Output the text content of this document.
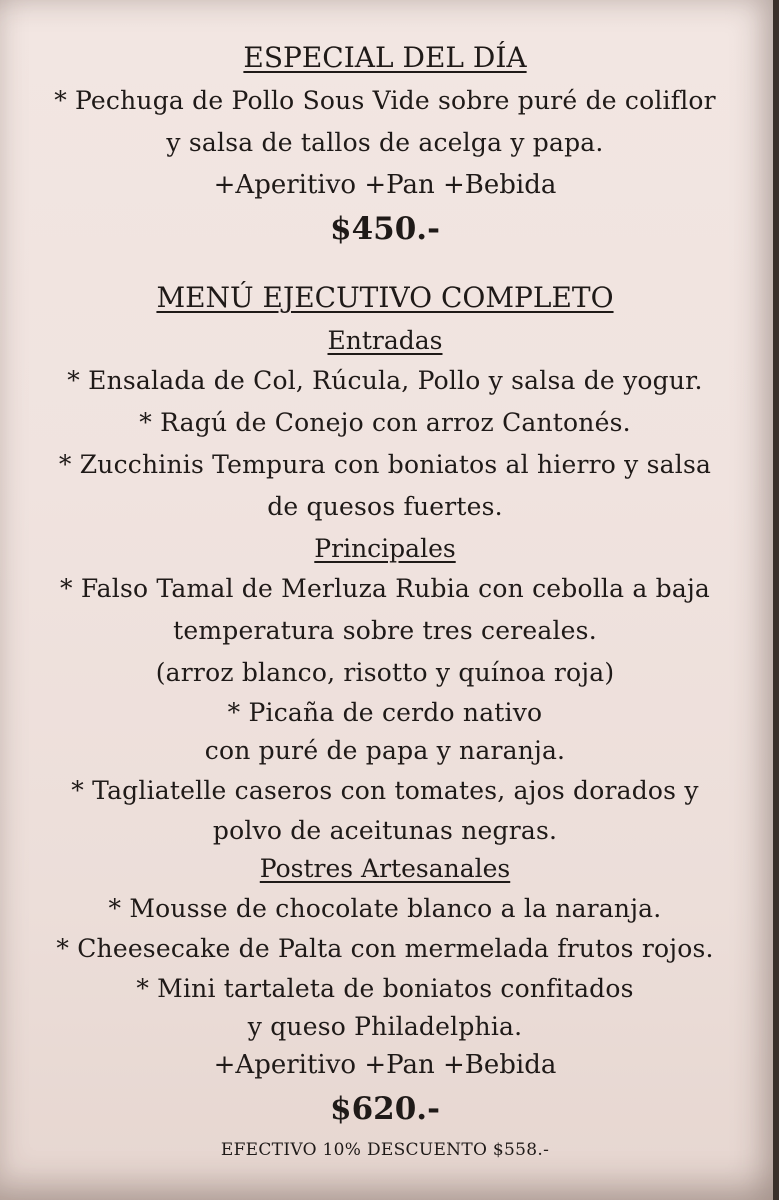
ESPECIAL DEL DÍA
* Pechuga de Pollo Sous Vide sobre puré de coliflor
y salsa de tallos de acelga y papa.
+Aperitivo +Pan +Bebida
$450.-
MENÚ EJECUTIVO COMPLETO
Entradas
* Ensalada de Col, Rúcula, Pollo y salsa de yogur.
* Ragú de Conejo con arroz Cantonés.
* Zucchinis Tempura con boniatos al hierro y salsa
de quesos fuertes.
Principales
* Falso Tamal de Merluza Rubia con cebolla a baja
temperatura sobre tres cereales.
(arroz blanco, risotto y quínoa roja)
* Picaña de cerdo nativo
con puré de papa y naranja.
* Tagliatelle caseros con tomates, ajos dorados y
polvo de aceitunas negras.
Postres Artesanales
* Mousse de chocolate blanco a la naranja.
* Cheesecake de Palta con mermelada frutos rojos.
* Mini tartaleta de boniatos confitados
y queso Philadelphia.
+Aperitivo +Pan +Bebida
$620.-
EFECTIVO 10% DESCUENTO $558.-
